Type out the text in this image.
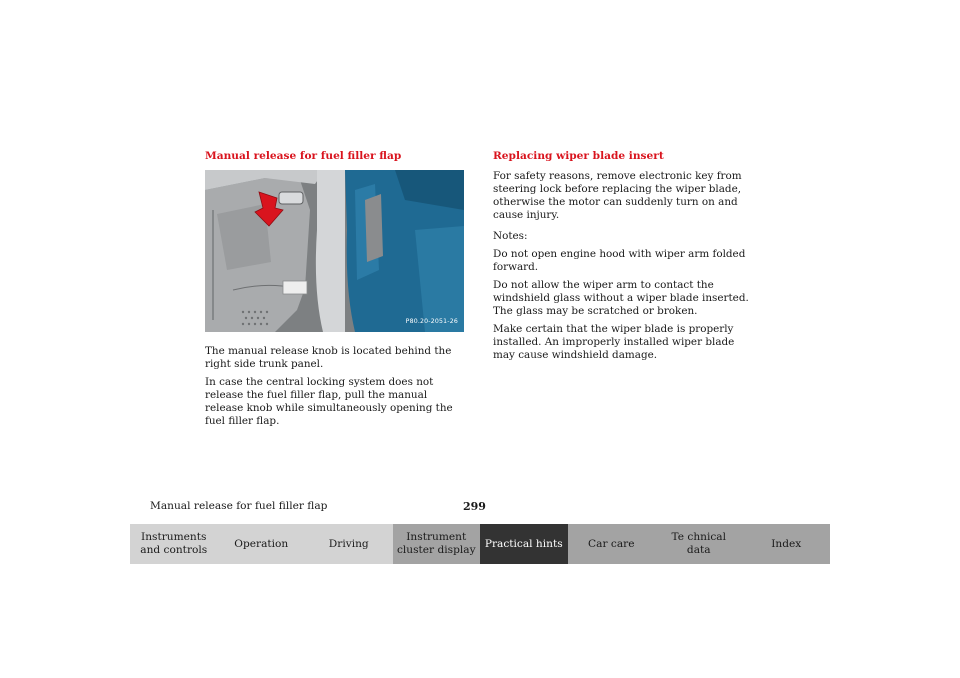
Manual release for fuel filler flap
P80.20-2051-26

The manual release knob is located behind the right side trunk panel.

In case the central locking system does not release the fuel filler flap, pull the manual release knob while simultaneously opening the fuel filler flap.

Replacing wiper blade insert

For safety reasons, remove electronic key from steering lock before replacing the wiper blade, otherwise the motor can suddenly turn on and cause injury.

Notes:

Do not open engine hood with wiper arm folded forward.

Do not allow the wiper arm to contact the windshield glass without a wiper blade inserted. The glass may be scratched or broken.

Make certain that the wiper blade is properly installed. An improperly installed wiper blade may cause windshield damage.

Manual release for fuel filler flap	299
Instruments
and controls
Operation	Driving
Instrument
cluster display
Practical hints Car care
Te chnical
data
Index
